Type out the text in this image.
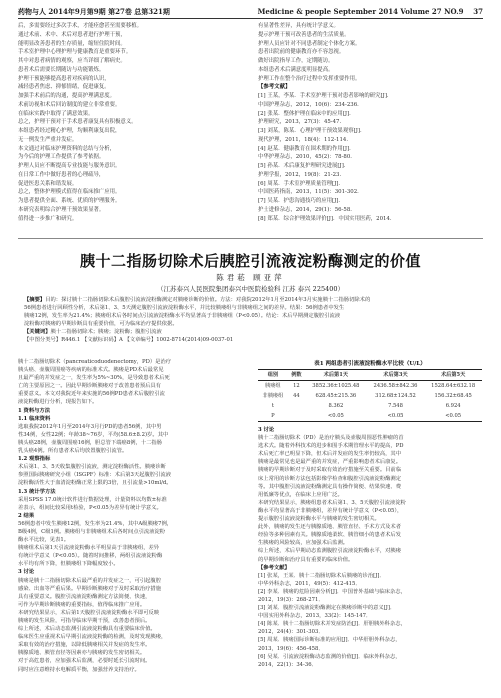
药物与人 2014年9月第9期 第27卷 总第321期	Medicine & people September 2014 Volume 27 NO.9 37
后，多需要经过多次手术，才能痊愈甚至需要移植。
通过术前、术中、术后对患者进行护理干预，
能明显改善患者的生存质量，缩短住院时间。
手术室护理中心理护理与健康教育是重要环节。
其中对患者病情的观察，应当详细了解病史。
患者术后需要长期随访与功能锻炼。
护理干预能够提高患者对疾病的认识，
减轻患者焦虑、抑郁情绪，促进康复。
加强手术前后的沟通，提高护理满意度。
术前访视和术后回访制度的建立非常重要。
在临床实践中取得了满意效果。
总之，护理干预对于手术患者康复具有积极意义。
本组患者经过精心护理，均顺利康复出院，
无一例发生严重并发症。
本文通过对临床护理资料的总结与分析，
为今后的护理工作提供了参考依据。
护理人员应不断提高专业技能与服务意识。
在日常工作中做好患者的心理疏导，
促进医患关系和谐发展。
总之，整体护理模式值得在临床推广应用。
为患者提供全面、系统、优质的护理服务。
本研究表明综合护理干预效果显著。
值得进一步推广和研究。
有显著性差异，具有统计学意义。
提示护理干预可改善患者的生活质量。
护理人员应针对不同患者制定个体化方案。
患者出院前的健康教育亦不容忽视。
做好出院指导工作，定期随访。
本组患者术后满意度明显提高。
护理工作在整个治疗过程中发挥重要作用。
【参考文献】
[1] 王某，李某．手术室护理干预对患者影响的研究[J]．
中国护理杂志，2012，10(6)：234-236．
[2] 张某．整体护理在临床中的应用[J]．
护理研究，2013，27(3)：45-47．
[3] 刘某，陈某．心理护理干预效果观察[J]．
现代护理，2011，18(4)：112-114．
[4] 赵某．健康教育在围术期的作用[J]．
中华护理杂志，2010，45(2)：78-80．
[5] 孙某．术后康复护理研究进展[J]．
护理学报，2012，19(8)：21-23．
[6] 周某．手术室护理质量管理[J]．
中国医药指南，2013，11(5)：301-302．
[7] 吴某．护患沟通技巧的应用[J]．
护士进修杂志，2014，29(1)：56-58．
[8] 郑某．综合护理效果评价[J]．中国实用医药，2014．
胰十二指肠切除术后胰腔引流液淀粉酶测定的价值
陈君菘 顾亚萍
（江苏泰兴人民医院集团泰兴中医院检验科 江苏 泰兴 225400）
【摘要】目的：探讨胰十二指肠切除术后腹腔引流液淀粉酶测定对胰瘘诊断的价值。方法：对我院2012年1月至2014年3月实施胰十二指肠切除术的
56例患者进行回顾性分析，术后第1、3、5天测定腹腔引流液淀粉酶水平，并比较胰瘘组与非胰瘘组之间的差异。结果：56例患者中发生
胰瘘12例，发生率为21.4%；胰瘘组术后各时间点引流液淀粉酶水平均显著高于非胰瘘组（P<0.05）。结论：术后早期测定腹腔引流液
淀粉酶对胰瘘的早期诊断具有重要价值，可为临床治疗提供依据。
【关键词】胰十二指肠切除术；胰瘘；淀粉酶；腹腔引流液
【中图分类号】R446.1 【文献标识码】A 【文章编号】1002-8714(2014)09-0037-01
胰十二指肠切除术（pancreaticoduodenectomy，PD）是治疗
胰头癌、壶腹周围癌等疾病的标准术式。胰瘘是PD术后最常见
且最严重的并发症之一，发生率为5%~30%，是导致患者术后死
亡的主要原因之一。因此早期诊断胰瘘对于改善患者预后具有
重要意义。本文对我院近年来实施的56例PD患者术后腹腔引流
液淀粉酶进行分析，现报告如下。
1 资料与方法
1.1 临床资料
选取我院2012年1月至2014年3月行PD的患者56例，其中男
性34例，女性22例；年龄38~76岁，平均(58.6±8.2)岁。其中
胰头癌28例，壶腹周围癌16例，胆总管下端癌8例，十二指肠
乳头癌4例。所有患者术后均放置腹腔引流管。
1.2 观察指标
术后第1、3、5天收集腹腔引流液，测定淀粉酶活性。胰瘘诊断
参照国际胰瘘研究小组（ISGPF）标准：术后第3天起腹腔引流液
淀粉酶活性大于血清淀粉酶正常上限的3倍，且引流量>10ml/d。
1.3 统计学方法
采用SPSS 17.0统计软件进行数据处理，计量资料以均数±标准
差表示，组间比较采用t检验，P<0.05为差异有统计学意义。
2 结果
56例患者中发生胰瘘12例，发生率为21.4%，其中A级胰瘘7例，
B级4例，C级1例。胰瘘组与非胰瘘组术后各时间点引流液淀粉
酶水平比较，见表1。
胰瘘组术后第1天引流液淀粉酶水平明显高于非胰瘘组，差异
有统计学意义（P<0.05）。随着时间推移，两组引流液淀粉酶
水平均有所下降，但胰瘘组下降幅度较小。
3 讨论
胰瘘是胰十二指肠切除术后最严重的并发症之一，可引起腹腔
感染、出血等严重后果。早期诊断胰瘘对于及时采取治疗措施
具有重要意义。腹腔引流液淀粉酶测定方法简便、快速，
可作为早期诊断胰瘘的重要指标，值得临床推广应用。
本研究结果显示，术后第1天腹腔引流液淀粉酶水平即可反映
胰瘘的发生风险，可指导临床早期干预，改善患者预后。
综上所述，术后动态监测引流液淀粉酶具有重要临床价值。
临床医生应重视术后早期引流液淀粉酶的检测，及时发现胰瘘，
采取有效的治疗措施，以降低胰瘘相关并发症的发生率。
胰腺质地、胰管直径等因素亦与胰瘘的发生密切相关。
对于高危患者，应加强术后监测，必要时延长引流时间。
同时应注意维持水电解质平衡，加强营养支持治疗。
表1 两组患者引流液淀粉酶水平比较（U/L）
组别	例数	术后第1天	术后第3天	术后第5天
胰瘘组	12	3852.36±1025.48	2436.58±842.36	1528.64±632.18
非胰瘘组	44	628.45±215.36	312.68±124.52	156.32±68.45
t		8.362	7.548	6.924
P		<0.05	<0.05	<0.05
3 讨论
胰十二指肠切除术（PD）是治疗胰头及壶腹周围恶性肿瘤的首
选术式。随着外科技术的进步和围手术期管理水平的提高，PD
术后死亡率已明显下降，但术后并发症的发生率仍较高，其中
胰瘘是最常见也是最严重的并发症，严重影响患者术后康复。
胰瘘的早期诊断对于及时采取有效治疗措施至关重要。目前临
床上常用的诊断方法包括影像学检查和腹腔引流液淀粉酶测定
等。其中腹腔引流液淀粉酶测定具有操作简便、结果快速、费
用低廉等优点，在临床上应用广泛。
本研究结果显示，胰瘘组患者术后第1、3、5天腹腔引流液淀粉
酶水平均显著高于非胰瘘组，差异有统计学意义（P<0.05），
提示腹腔引流液淀粉酶水平与胰瘘的发生密切相关。
此外，胰瘘的发生还与胰腺质地、胰管直径、手术方式及术者
经验等多种因素有关。胰腺质地柔软、胰管细小的患者术后发
生胰瘘的风险较高，应加强术后监测。
综上所述，术后早期动态监测腹腔引流液淀粉酶水平，对胰瘘
的早期诊断和治疗具有重要的临床价值。
【参考文献】
[1] 张某，王某．胰十二指肠切除术后胰瘘的诊治[J]．
中华外科杂志，2011，49(5)：412-415．
[2] 李某．胰瘘的危险因素分析[J]．中国普外基础与临床杂志，
2012，19(3)：268-271．
[3] 刘某．腹腔引流液淀粉酶测定在胰瘘诊断中的意义[J]．
中国实用外科杂志，2013，33(2)：145-147．
[4] 陈某．胰十二指肠切除术并发症防治[J]．肝胆胰外科杂志，
2012，24(4)：301-303．
[5] 周某．胰瘘国际诊断标准的应用[J]．中华肝胆外科杂志，
2013，19(6)：456-458．
[6] 吴某．引流液淀粉酶动态监测的价值[J]．临床外科杂志，
2014，22(1)：34-36．
